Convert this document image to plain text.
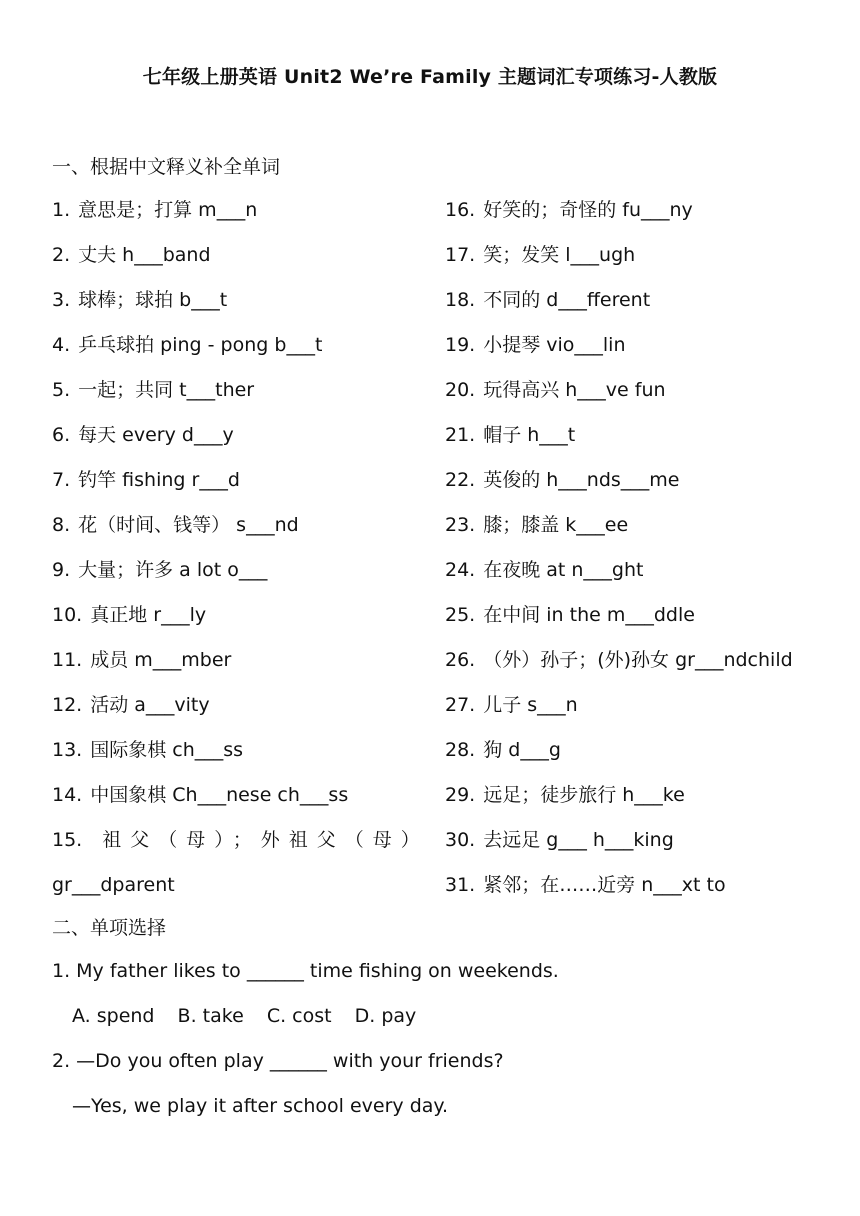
七年级上册英语 Unit2 We’re Family 主题词汇专项练习-人教版
一、根据中文释义补全单词
1. 意思是；打算 m___n
2. 丈夫 h___band
3. 球棒；球拍 b___t
4. 乒乓球拍 ping - pong b___t
5. 一起；共同 t___ther
6. 每天 every d___y
7. 钓竿 fishing r___d
8. 花（时间、钱等） s___nd
9. 大量；许多 a lot o___
10. 真正地 r___ly
11. 成员 m___mber
12. 活动 a___vity
13. 国际象棋 ch___ss
14. 中国象棋 Ch___nese ch___ss
15. 祖父（母）；外祖父（母）
gr___dparent
16. 好笑的；奇怪的 fu___ny
17. 笑；发笑 l___ugh
18. 不同的 d___fferent
19. 小提琴 vio___lin
20. 玩得高兴 h___ve fun
21. 帽子 h___t
22. 英俊的 h___nds___me
23. 膝；膝盖 k___ee
24. 在夜晚 at n___ght
25. 在中间 in the m___ddle
26. （外）孙子；(外)孙女 gr___ndchild
27. 儿子 s___n
28. 狗 d___g
29. 远足；徒步旅行 h___ke
30. 去远足 g___ h___king
31. 紧邻；在……近旁 n___xt to
二、单项选择
1. My father likes to ______ time fishing on weekends.
A. spend B. take C. cost D. pay
2. —Do you often play ______ with your friends?
—Yes, we play it after school every day.
